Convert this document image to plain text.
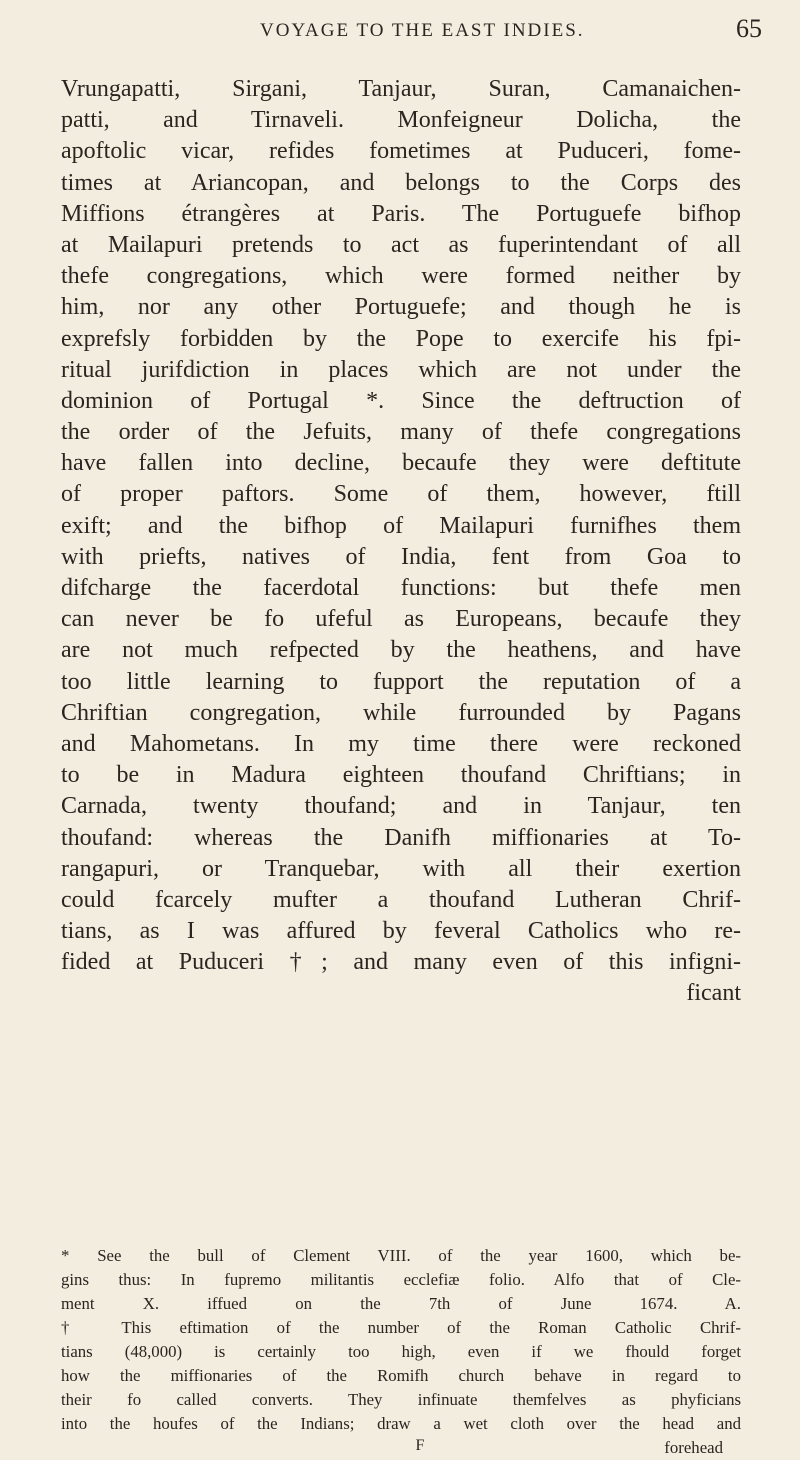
VOYAGE TO THE EAST INDIES.	65
Vrungapatti, Sirgani, Tanjaur, Suran, Camanaichen-
patti, and Tirnaveli. Monfeigneur Dolicha, the
apoftolic vicar, refides fometimes at Puduceri, fome-
times at Ariancopan, and belongs to the Corps des
Miffions étrangères at Paris. The Portuguefe bifhop
at Mailapuri pretends to act as fuperintendant of all
thefe congregations, which were formed neither by
him, nor any other Portuguefe; and though he is
exprefsly forbidden by the Pope to exercife his fpi-
ritual jurifdiction in places which are not under the
dominion of Portugal *. Since the deftruction of
the order of the Jefuits, many of thefe congregations
have fallen into decline, becaufe they were deftitute
of proper paftors. Some of them, however, ftill
exift; and the bifhop of Mailapuri furnifhes them
with priefts, natives of India, fent from Goa to
difcharge the facerdotal functions: but thefe men
can never be fo ufeful as Europeans, becaufe they
are not much refpected by the heathens, and have
too little learning to fupport the reputation of a
Chriftian congregation, while furrounded by Pagans
and Mahometans. In my time there were reckoned
to be in Madura eighteen thoufand Chriftians; in
Carnada, twenty thoufand; and in Tanjaur, ten
thoufand: whereas the Danifh miffionaries at To-
rangapuri, or Tranquebar, with all their exertion
could fcarcely mufter a thoufand Lutheran Chrif-
tians, as I was affured by feveral Catholics who re-
fided at Puduceri †; and many even of this infigni-
ficant
* See the bull of Clement VIII. of the year 1600, which be-
gins thus: In fupremo militantis ecclefiæ folio. Alfo that of Cle-
ment X. iffued on the 7th of June 1674. A.
† This eftimation of the number of the Roman Catholic Chrif-
tians (48,000) is certainly too high, even if we fhould forget
how the miffionaries of the Romifh church behave in regard to
their fo called converts. They infinuate themfelves as phyficians
into the houfes of the Indians; draw a wet cloth over the head and
forehead
F
